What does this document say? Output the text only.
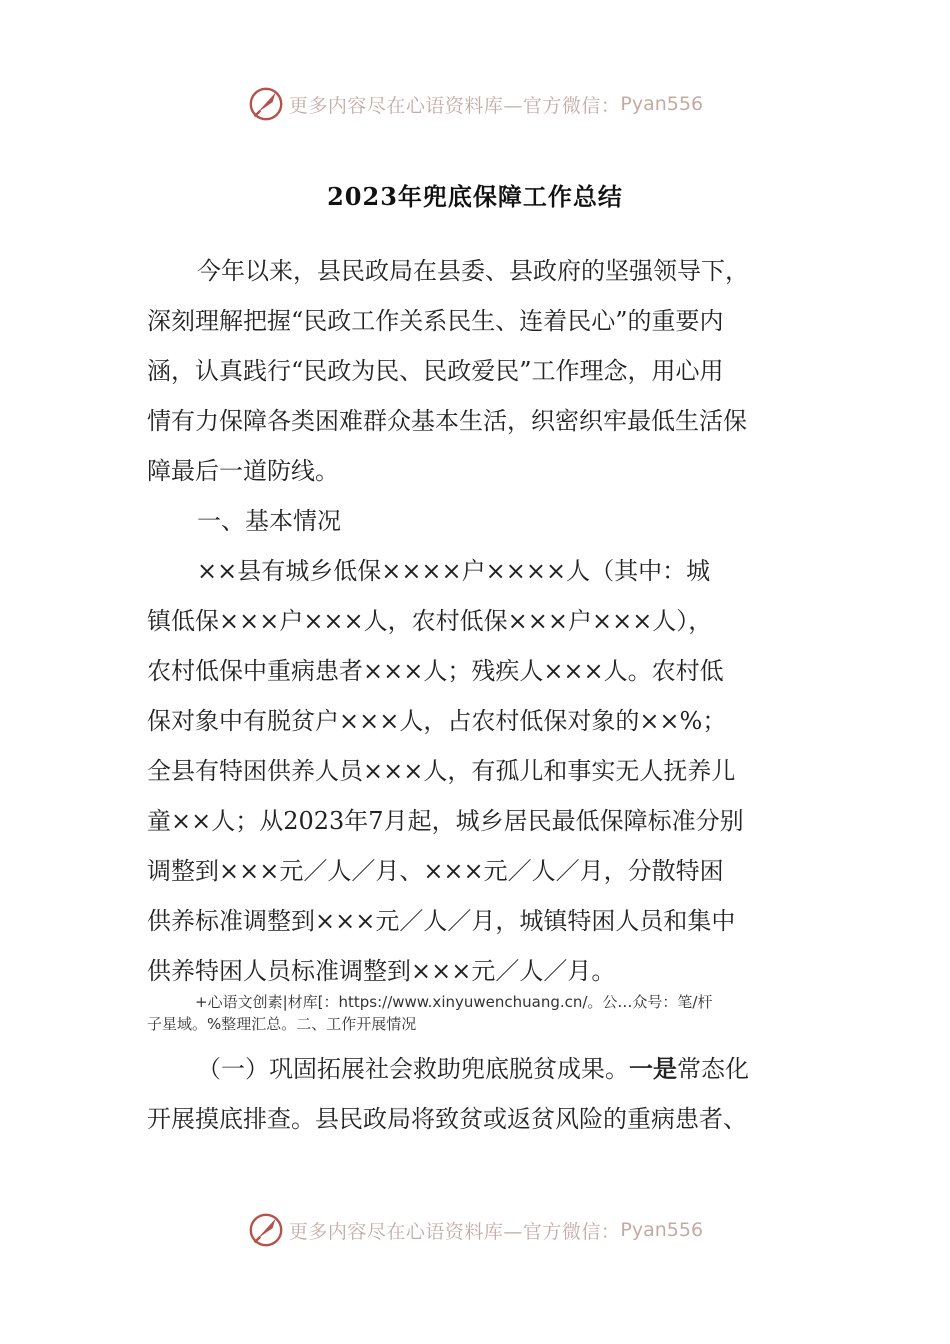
更多内容尽在心语资料库—官方微信： Pyan556
2023年兜底保障工作总结
今年以来，县民政局在县委、县政府的坚强领导下，
深刻理解把握“民政工作关系民生、连着民心”的重要内
涵，认真践行“民政为民、民政爱民”工作理念，用心用
情有力保障各类困难群众基本生活，织密织牢最低生活保
障最后一道防线。
一、基本情况
××县有城乡低保××××户××××人（其中：城
镇低保×××户×××人，农村低保×××户×××人），
农村低保中重病患者×××人；残疾人×××人。农村低
保对象中有脱贫户×××人，占农村低保对象的××%；
全县有特困供养人员×××人，有孤儿和事实无人抚养儿
童××人；从2023年7月起，城乡居民最低保障标准分别
调整到×××元／人／月、×××元／人／月，分散特困
供养标准调整到×××元／人／月，城镇特困人员和集中
供养特困人员标准调整到×××元／人／月。
+心语文创素|材库[：https://www.xinyuwenchuang.cn/。公…众号：笔/杆
子星域。%整理汇总。二、工作开展情况
（一）巩固拓展社会救助兜底脱贫成果。一是常态化
开展摸底排查。县民政局将致贫或返贫风险的重病患者、
更多内容尽在心语资料库—官方微信： Pyan556
